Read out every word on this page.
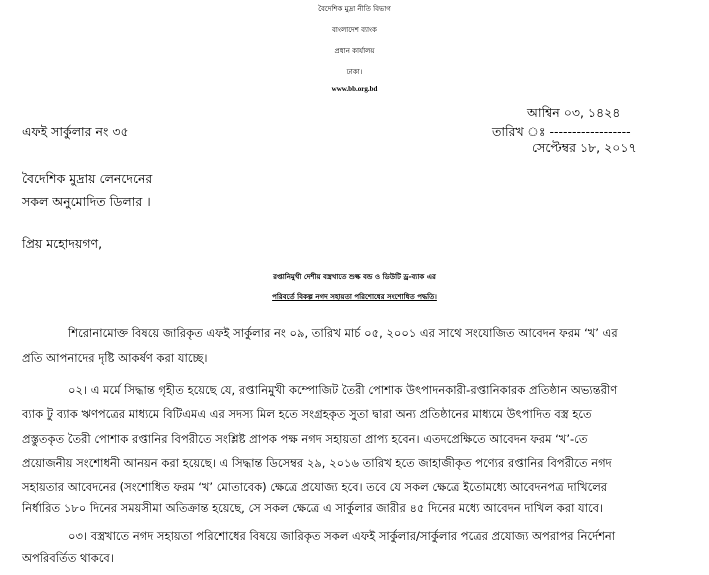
বৈদেশিক মুদ্রা নীতি বিভাগ
বাংলাদেশ ব্যাংক
প্রধান কার্যালয়
ঢাকা।
www.bb.org.bd
আশ্বিন ০৩, ১৪২৪
এফই সার্কুলার নং ৩৫	তারিখ ঃ ------------------
সেপ্টেম্বর ১৮, ২০১৭
বৈদেশিক মুদ্রায় লেনদেনের
সকল অনুমোদিত ডিলার ।
প্রিয় মহোদয়গণ,
রপ্তানিমুখী দেশীয় বস্ত্রখাতে শুল্ক বন্ড ও ডিউটি ড্র-ব্যাক এর
পরিবর্তে বিকল্প নগদ সহায়তা পরিশোধের সংশোধিত পদ্ধতি।
শিরোনামোক্ত বিষয়ে জারিকৃত এফই সার্কুলার নং ০৯, তারিখ মার্চ ০৫, ২০০১ এর সাথে সংযোজিত আবেদন ফরম ‘খ’ এর
প্রতি আপনাদের দৃষ্টি আকর্ষণ করা যাচ্ছে।
০২। এ মর্মে সিদ্ধান্ত গৃহীত হয়েছে যে, রপ্তানিমুখী কম্পোজিট তৈরী পোশাক উৎপাদনকারী-রপ্তানিকারক প্রতিষ্ঠান অভ্যন্তরীণ
ব্যাক টু ব্যাক ঋণপত্রের মাধ্যমে বিটিএমএ এর সদস্য মিল হতে সংগ্রহকৃত সুতা দ্বারা অন্য প্রতিষ্ঠানের মাধ্যমে উৎপাদিত বস্ত্র হতে
প্রস্তুতকৃত তৈরী পোশাক রপ্তানির বিপরীতে সংশ্লিষ্ট প্রাপক পক্ষ নগদ সহায়তা প্রাপ্য হবেন। এতদপ্রেক্ষিতে আবেদন ফরম ‘খ’-তে
প্রয়োজনীয় সংশোধনী আনয়ন করা হয়েছে। এ সিদ্ধান্ত ডিসেম্বর ২৯, ২০১৬ তারিখ হতে জাহাজীকৃত পণ্যের রপ্তানির বিপরীতে নগদ
সহায়তার আবেদনের (সংশোধিত ফরম ‘খ’ মোতাবেক) ক্ষেত্রে প্রযোজ্য হবে। তবে যে সকল ক্ষেত্রে ইতোমধ্যে আবেদনপত্র দাখিলের
নির্ধারিত ১৮০ দিনের সময়সীমা অতিক্রান্ত হয়েছে, সে সকল ক্ষেত্রে এ সার্কুলার জারীর ৪৫ দিনের মধ্যে আবেদন দাখিল করা যাবে।
০৩। বস্ত্রখাতে নগদ সহায়তা পরিশোধের বিষয়ে জারিকৃত সকল এফই সার্কুলার/সার্কুলার পত্রের প্রযোজ্য অপরাপর নির্দেশনা
অপরিবর্তিত থাকবে।
